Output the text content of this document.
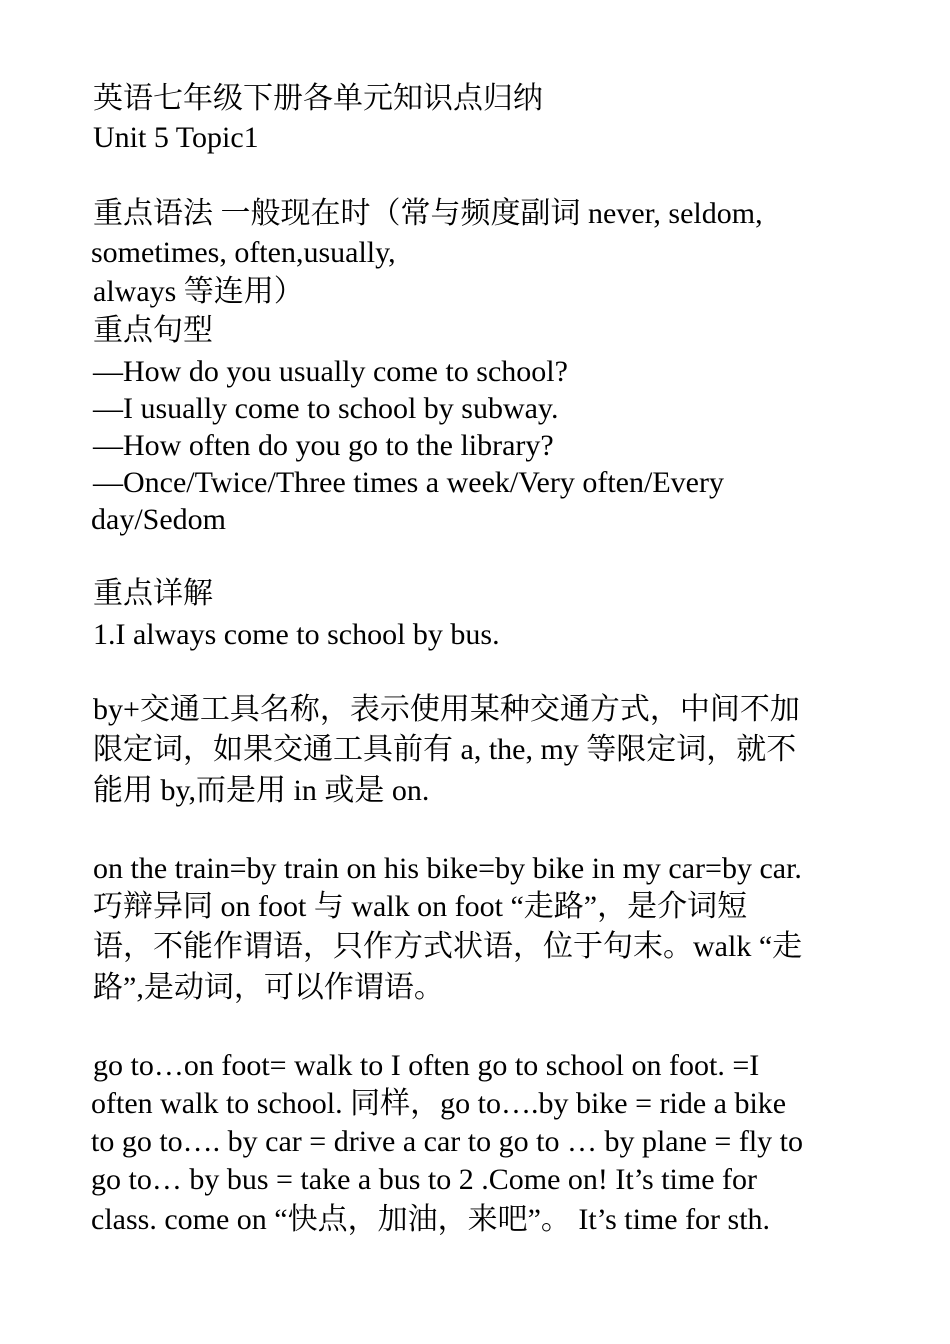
英语七年级下册各单元知识点归纳
Unit 5 Topic1
重点语法 一般现在时（常与频度副词 never, seldom,
sometimes, often,usually,
always 等连用）
重点句型
—How do you usually come to school?
—I usually come to school by subway.
—How often do you go to the library?
—Once/Twice/Three times a week/Very often/Every
day/Sedom
重点详解
1.I always come to school by bus.
by+交通工具名称，表示使用某种交通方式，中间不加
限定词，如果交通工具前有 a, the, my 等限定词，就不
能用 by,而是用 in 或是 on.
on the train=by train on his bike=by bike in my car=by car.
巧辩异同 on foot 与 walk on foot “走路”，是介词短
语，不能作谓语，只作方式状语，位于句末。walk “走
路”,是动词，可以作谓语。
go to…on foot= walk to I often go to school on foot. =I
often walk to school. 同样，go to….by bike = ride a bike
to go to…. by car = drive a car to go to … by plane = fly to
go to… by bus = take a bus to 2 .Come on! It’s time for
class. come on “快点，加油，来吧”。 It’s time for sth.
